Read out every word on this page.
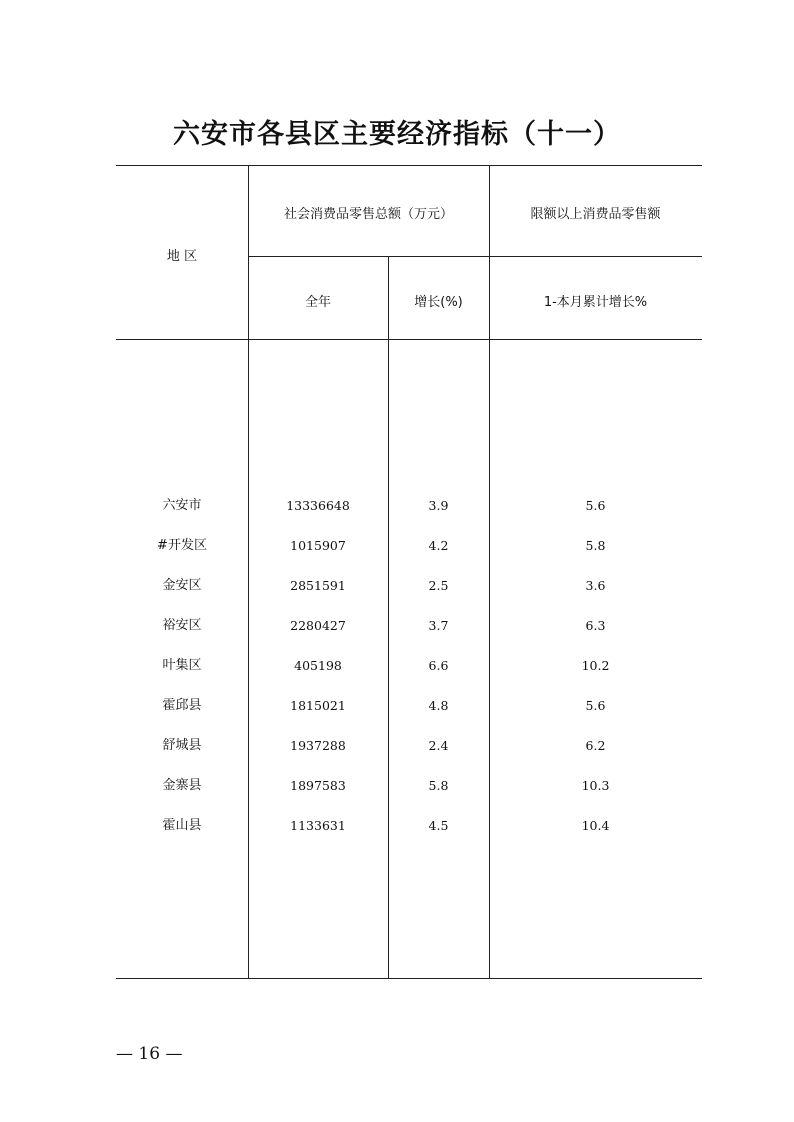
六安市各县区主要经济指标（十一）
地 区
社会消费品零售总额（万元）
全年	增长(%)
限额以上消费品零售额
1-本月累计增长%
六安市	13336648	3.9	5.6
#开发区	1015907	4.2	5.8
金安区	2851591	2.5	3.6
裕安区	2280427	3.7	6.3
叶集区	405198	6.6	10.2
霍邱县	1815021	4.8	5.6
舒城县	1937288	2.4	6.2
金寨县	1897583	5.8	10.3
霍山县	1133631	4.5	10.4
— 16 —
